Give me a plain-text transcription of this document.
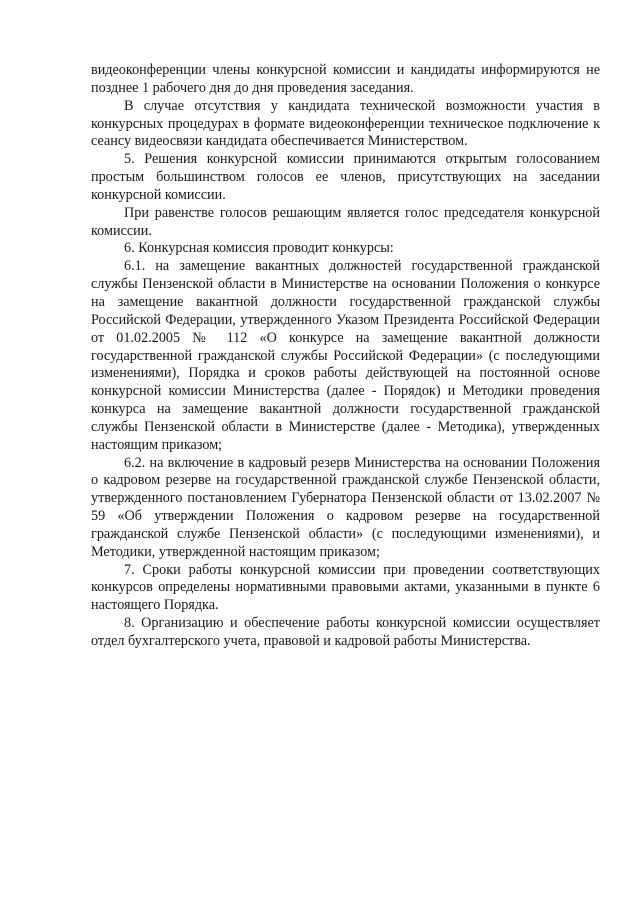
видеоконференции члены конкурсной комиссии и кандидаты информируются не позднее 1 рабочего дня до дня проведения заседания.

В случае отсутствия у кандидата технической возможности участия в конкурсных процедурах в формате видеоконференции техническое подключение к сеансу видеосвязи кандидата обеспечивается Министерством.

5. Решения конкурсной комиссии принимаются открытым голосованием простым большинством голосов ее членов, присутствующих на заседании конкурсной комиссии.

При равенстве голосов решающим является голос председателя конкурсной комиссии.

6. Конкурсная комиссия проводит конкурсы:

6.1. на замещение вакантных должностей государственной гражданской службы Пензенской области в Министерстве на основании Положения о конкурсе на замещение вакантной должности государственной гражданской службы Российской Федерации, утвержденного Указом Президента Российской Федерации от 01.02.2005 № 112 «О конкурсе на замещение вакантной должности государственной гражданской службы Российской Федерации» (с последующими изменениями), Порядка и сроков работы действующей на постоянной основе конкурсной комиссии Министерства (далее - Порядок) и Методики проведения конкурса на замещение вакантной должности государственной гражданской службы Пензенской области в Министерстве (далее - Методика), утвержденных настоящим приказом;

6.2. на включение в кадровый резерв Министерства на основании Положения о кадровом резерве на государственной гражданской службе Пензенской области, утвержденного постановлением Губернатора Пензенской области от 13.02.2007 № 59 «Об утверждении Положения о кадровом резерве на государственной гражданской службе Пензенской области» (с последующими изменениями), и Методики, утвержденной настоящим приказом;

7. Сроки работы конкурсной комиссии при проведении соответствующих конкурсов определены нормативными правовыми актами, указанными в пункте 6 настоящего Порядка.

8. Организацию и обеспечение работы конкурсной комиссии осуществляет отдел бухгалтерского учета, правовой и кадровой работы Министерства.
